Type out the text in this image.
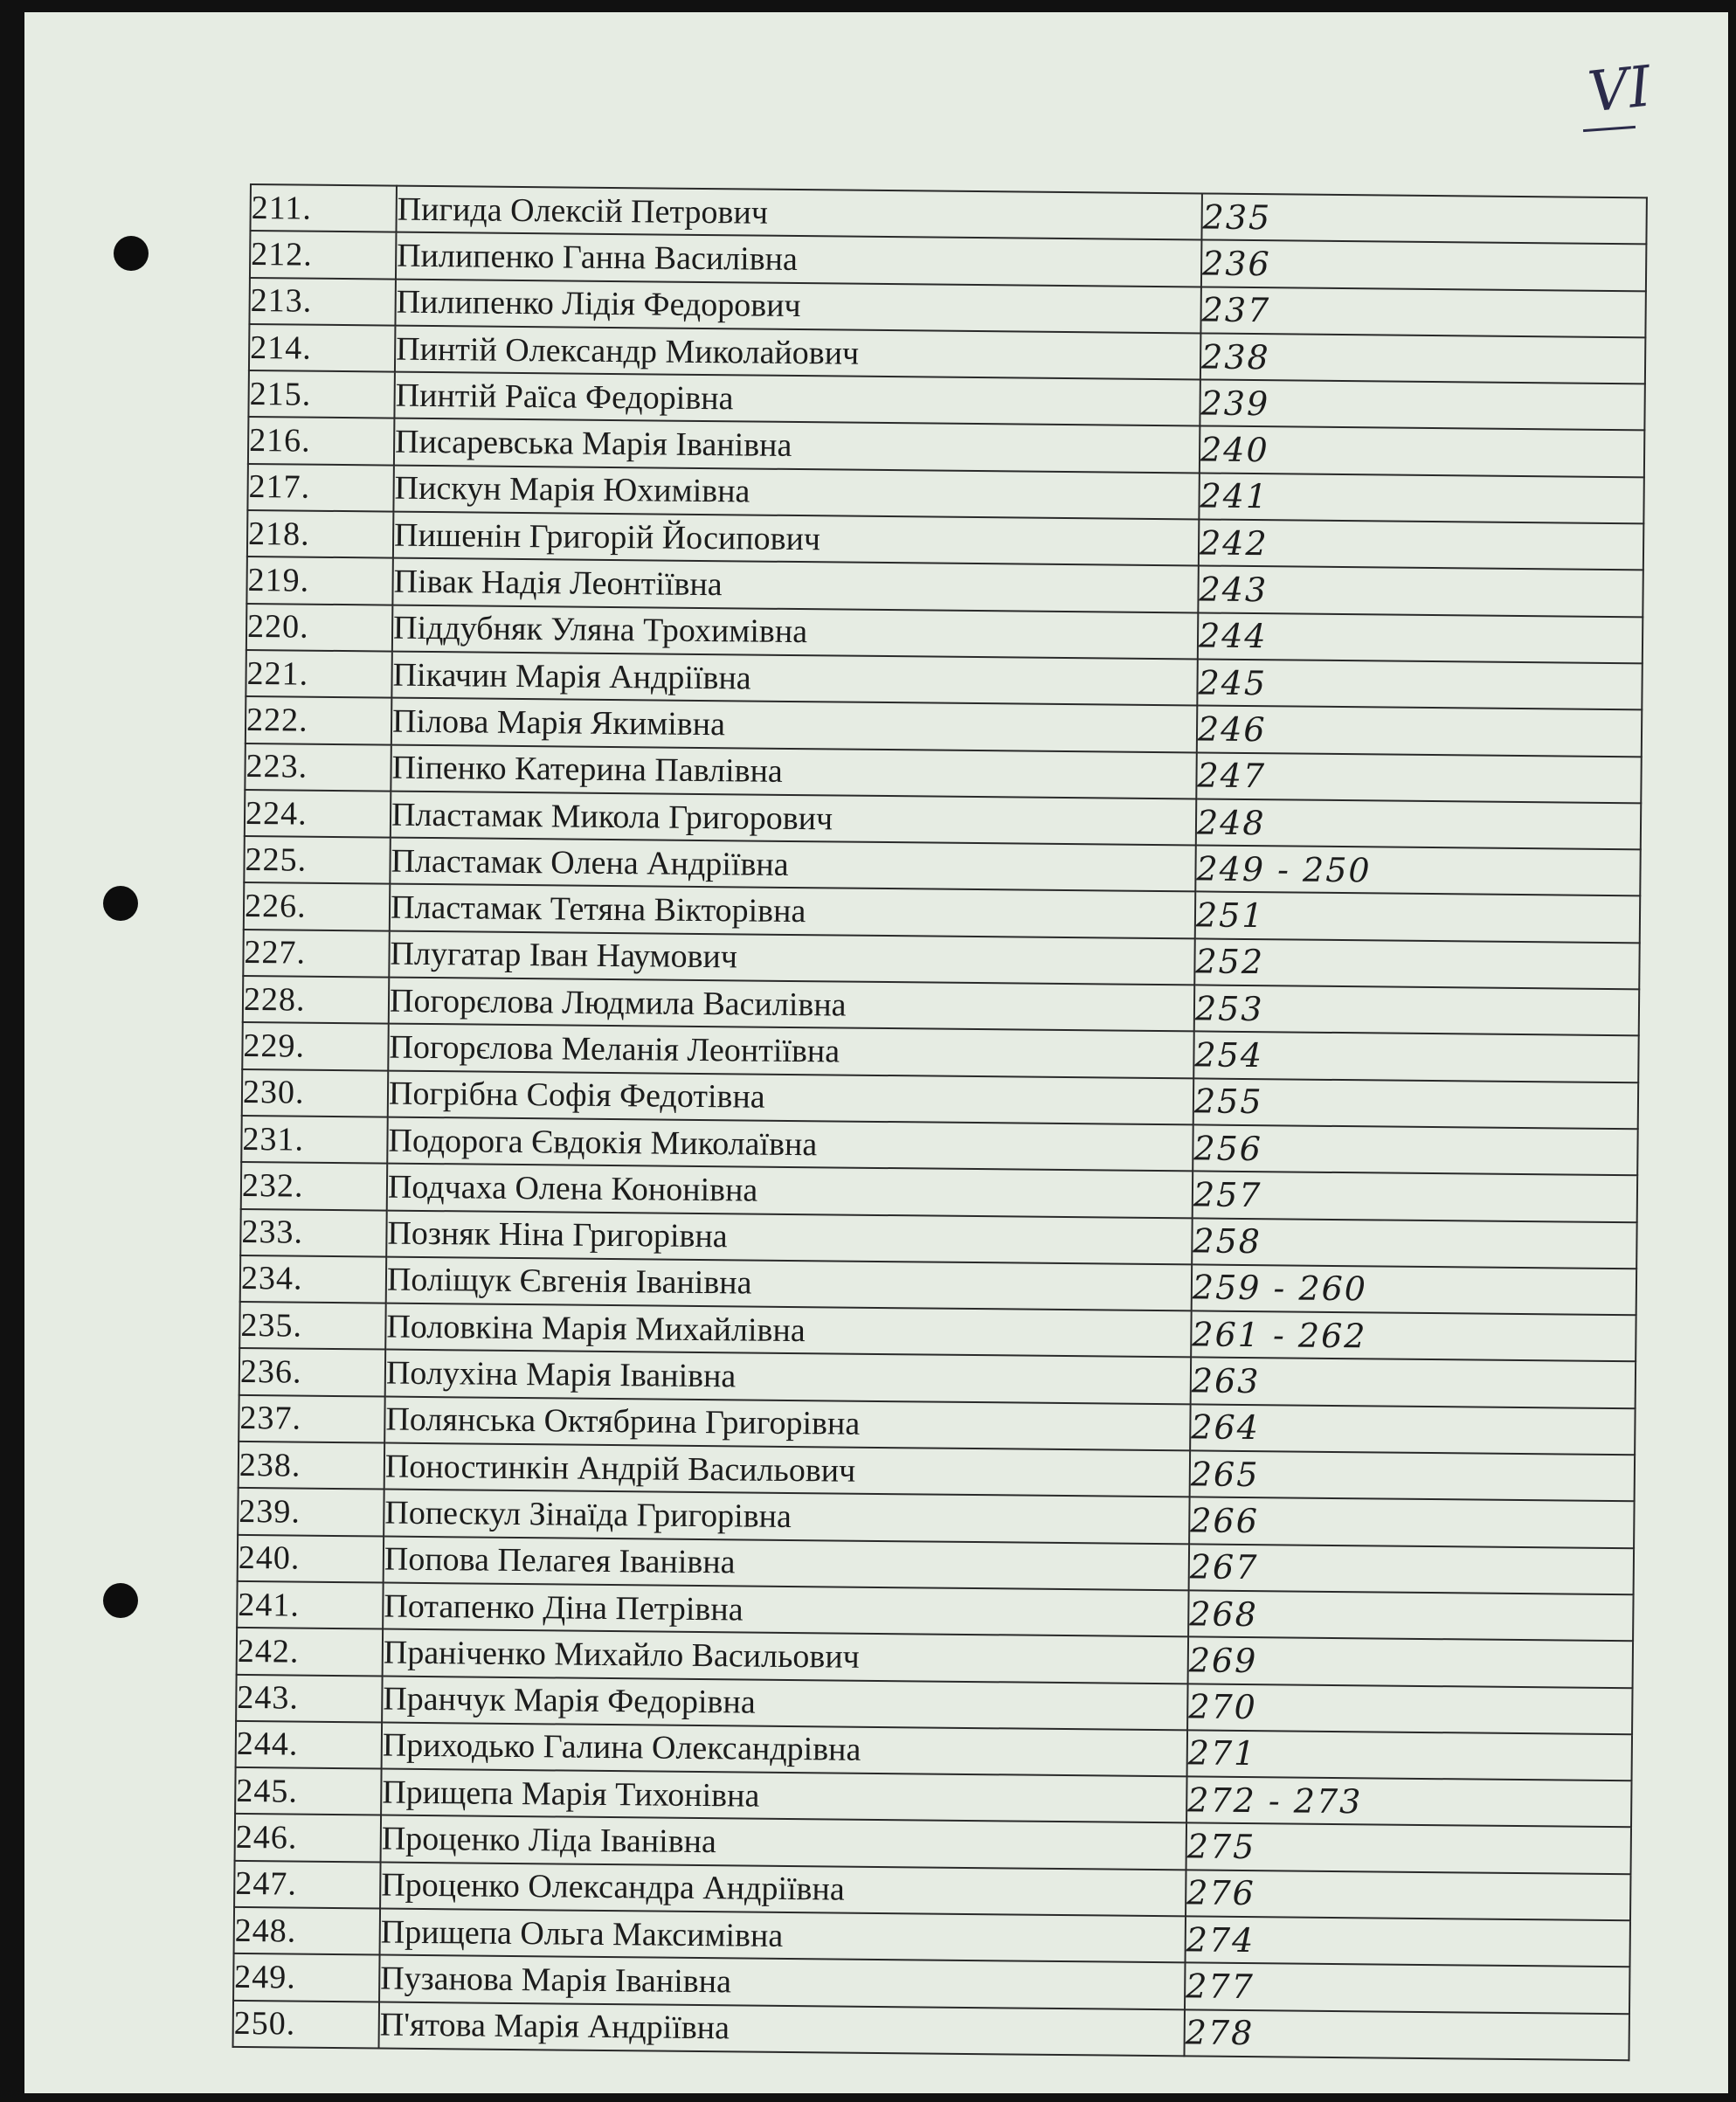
VI
211.	Пигида Олексій Петрович	235
212.	Пилипенко Ганна Василівна	236
213.	Пилипенко Лідія Федорович	237
214.	Пинтій Олександр Миколайович	238
215.	Пинтій Раїса Федорівна	239
216.	Писаревська Марія Іванівна	240
217.	Пискун Марія Юхимівна	241
218.	Пишенін Григорій Йосипович	242
219.	Півак Надія Леонтіївна	243
220.	Піддубняк Уляна Трохимівна	244
221.	Пікачин Марія Андріївна	245
222.	Пілова Марія Якимівна	246
223.	Піпенко Катерина Павлівна	247
224.	Пластамак Микола Григорович	248
225.	Пластамак Олена Андріївна	249 - 250
226.	Пластамак Тетяна Вікторівна	251
227.	Плугатар Іван Наумович	252
228.	Погорєлова Людмила Василівна	253
229.	Погорєлова Меланія Леонтіївна	254
230.	Погрібна Софія Федотівна	255
231.	Подорога Євдокія Миколаївна	256
232.	Подчаха Олена Кононівна	257
233.	Позняк Ніна Григорівна	258
234.	Поліщук Євгенія Іванівна	259 - 260
235.	Половкіна Марія Михайлівна	261 - 262
236.	Полухіна Марія Іванівна	263
237.	Полянська Октябрина Григорівна	264
238.	Поностинкін Андрій Васильович	265
239.	Попескул Зінаїда Григорівна	266
240.	Попова Пелагея Іванівна	267
241.	Потапенко Діна Петрівна	268
242.	Праніченко Михайло Васильович	269
243.	Пранчук Марія Федорівна	270
244.	Приходько Галина Олександрівна	271
245.	Прищепа Марія Тихонівна	272 - 273
246.	Проценко Ліда Іванівна	275
247.	Проценко Олександра Андріївна	276
248.	Прищепа Ольга Максимівна	274
249.	Пузанова Марія Іванівна	277
250.	П'ятова Марія Андріївна	278
